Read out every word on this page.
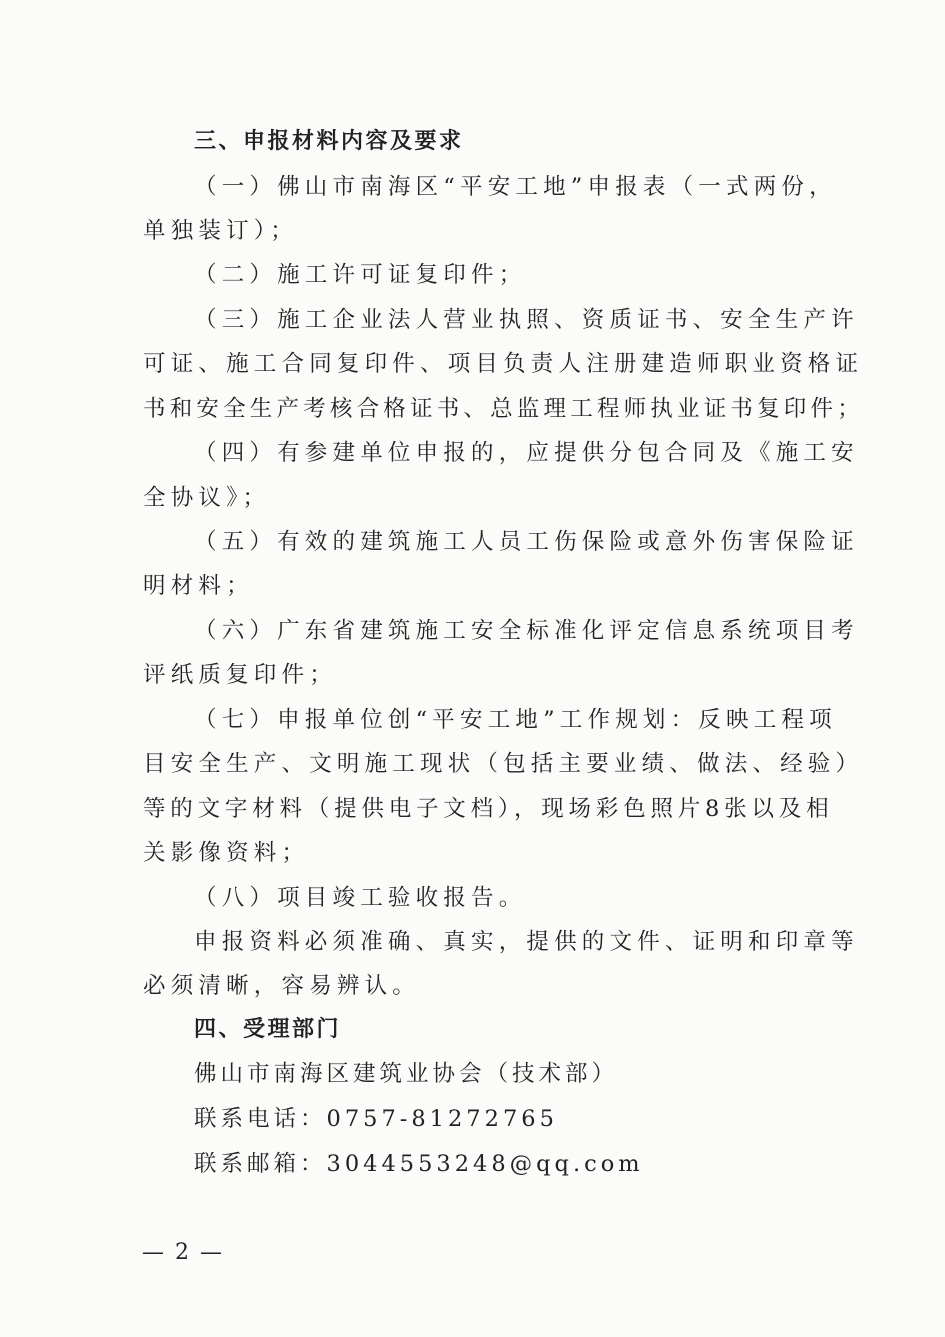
三、申报材料内容及要求
（一）佛山市南海区“平安工地”申报表（一式两份，
单独装订）；
（二）施工许可证复印件；
（三）施工企业法人营业执照、资质证书、安全生产许
可证、施工合同复印件、项目负责人注册建造师职业资格证
书和安全生产考核合格证书、总监理工程师执业证书复印件；
（四）有参建单位申报的，应提供分包合同及《施工安
全协议》；
（五）有效的建筑施工人员工伤保险或意外伤害保险证
明材料；
（六）广东省建筑施工安全标准化评定信息系统项目考
评纸质复印件；
（七）申报单位创“平安工地”工作规划：反映工程项
目安全生产、文明施工现状（包括主要业绩、做法、经验）
等的文字材料（提供电子文档），现场彩色照片8张以及相
关影像资料；
（八）项目竣工验收报告。
申报资料必须准确、真实，提供的文件、证明和印章等
必须清晰，容易辨认。
四、受理部门
佛山市南海区建筑业协会（技术部）
联系电话：0757-81272765
联系邮箱：3044553248@qq.com
— 2 —
